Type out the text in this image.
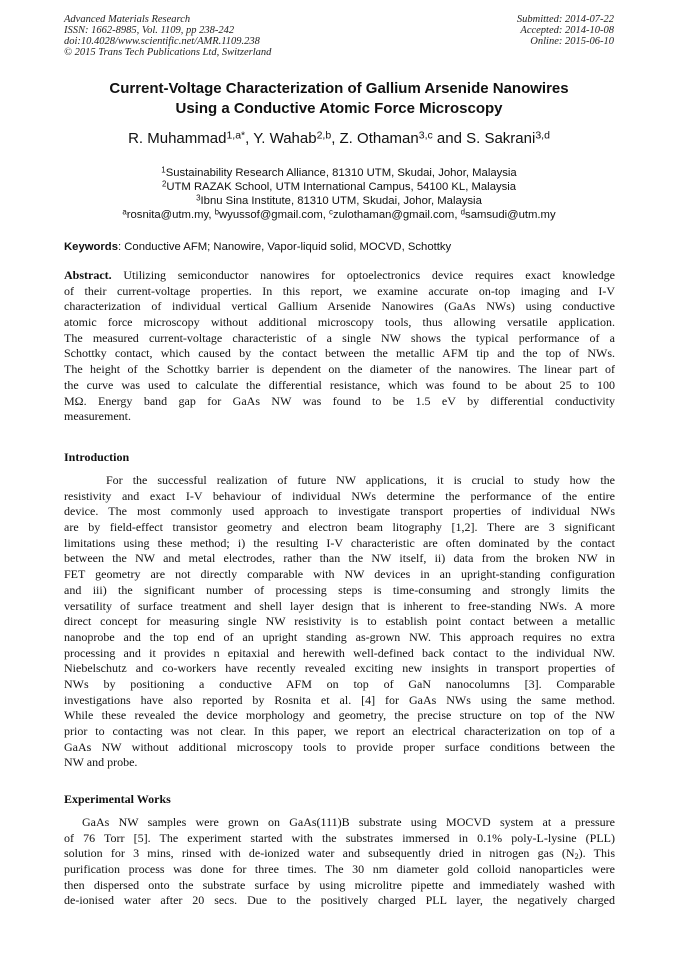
Advanced Materials Research
ISSN: 1662-8985, Vol. 1109, pp 238-242
doi:10.4028/www.scientific.net/AMR.1109.238
© 2015 Trans Tech Publications Ltd, Switzerland
Submitted: 2014-07-22
Accepted: 2014-10-08
Online: 2015-06-10
Current-Voltage Characterization of Gallium Arsenide Nanowires
Using a Conductive Atomic Force Microscopy
R. Muhammad$^{1,a*}$, Y. Wahab$^{2,b}$, Z. Othaman$^{3,c}$ and S. Sakrani$^{3,d}$
$^1$Sustainability Research Alliance, 81310 UTM, Skudai, Johor, Malaysia
$^2$UTM RAZAK School, UTM International Campus, 54100 KL, Malaysia
$^3$Ibnu Sina Institute, 81310 UTM, Skudai, Johor, Malaysia
$^a$rosnita@utm.my, $^b$wyussof@gmail.com, $^c$zulothaman@gmail.com, $^d$samsudi@utm.my
Keywords: Conductive AFM; Nanowire, Vapor-liquid solid, MOCVD, Schottky
Abstract. Utilizing semiconductor nanowires for optoelectronics device requires exact knowledge
of their current-voltage properties. In this report, we examine accurate on-top imaging and I-V
characterization of individual vertical Gallium Arsenide Nanowires (GaAs NWs) using conductive
atomic force microscopy without additional microscopy tools, thus allowing versatile application.
The measured current-voltage characteristic of a single NW shows the typical performance of a
Schottky contact, which caused by the contact between the metallic AFM tip and the top of NWs.
The height of the Schottky barrier is dependent on the diameter of the nanowires. The linear part of
the curve was used to calculate the differential resistance, which was found to be about 25 to 100
MΩ. Energy band gap for GaAs NW was found to be 1.5 eV by differential conductivity
measurement.
Introduction
For the successful realization of future NW applications, it is crucial to study how the
resistivity and exact I-V behaviour of individual NWs determine the performance of the entire
device. The most commonly used approach to investigate transport properties of individual NWs
are by field-effect transistor geometry and electron beam litography [1,2]. There are 3 significant
limitations using these method; i) the resulting I-V characteristic are often dominated by the contact
between the NW and metal electrodes, rather than the NW itself, ii) data from the broken NW in
FET geometry are not directly comparable with NW devices in an upright-standing configuration
and iii) the significant number of processing steps is time-consuming and strongly limits the
versatility of surface treatment and shell layer design that is inherent to free-standing NWs. A more
direct concept for measuring single NW resistivity is to establish point contact between a metallic
nanoprobe and the top end of an upright standing as-grown NW. This approach requires no extra
processing and it provides n epitaxial and herewith well-defined back contact to the individual NW.
Niebelschutz and co-workers have recently revealed exciting new insights in transport properties of
NWs by positioning a conductive AFM on top of GaN nanocolumns [3]. Comparable
investigations have also reported by Rosnita et al. [4] for GaAs NWs using the same method.
While these revealed the device morphology and geometry, the precise structure on top of the NW
prior to contacting was not clear. In this paper, we report an electrical characterization on top of a
GaAs NW without additional microscopy tools to provide proper surface conditions between the
NW and probe.
Experimental Works
GaAs NW samples were grown on GaAs(111)B substrate using MOCVD system at a pressure
of 76 Torr [5]. The experiment started with the substrates immersed in 0.1% poly-L-lysine (PLL)
solution for 3 mins, rinsed with de-ionized water and subsequently dried in nitrogen gas $(N_2)$. This
purification process was done for three times. The 30 nm diameter gold colloid nanoparticles were
then dispersed onto the substrate surface by using microlitre pipette and immediately washed with
de-ionised water after 20 secs. Due to the positively charged PLL layer, the negatively charged
